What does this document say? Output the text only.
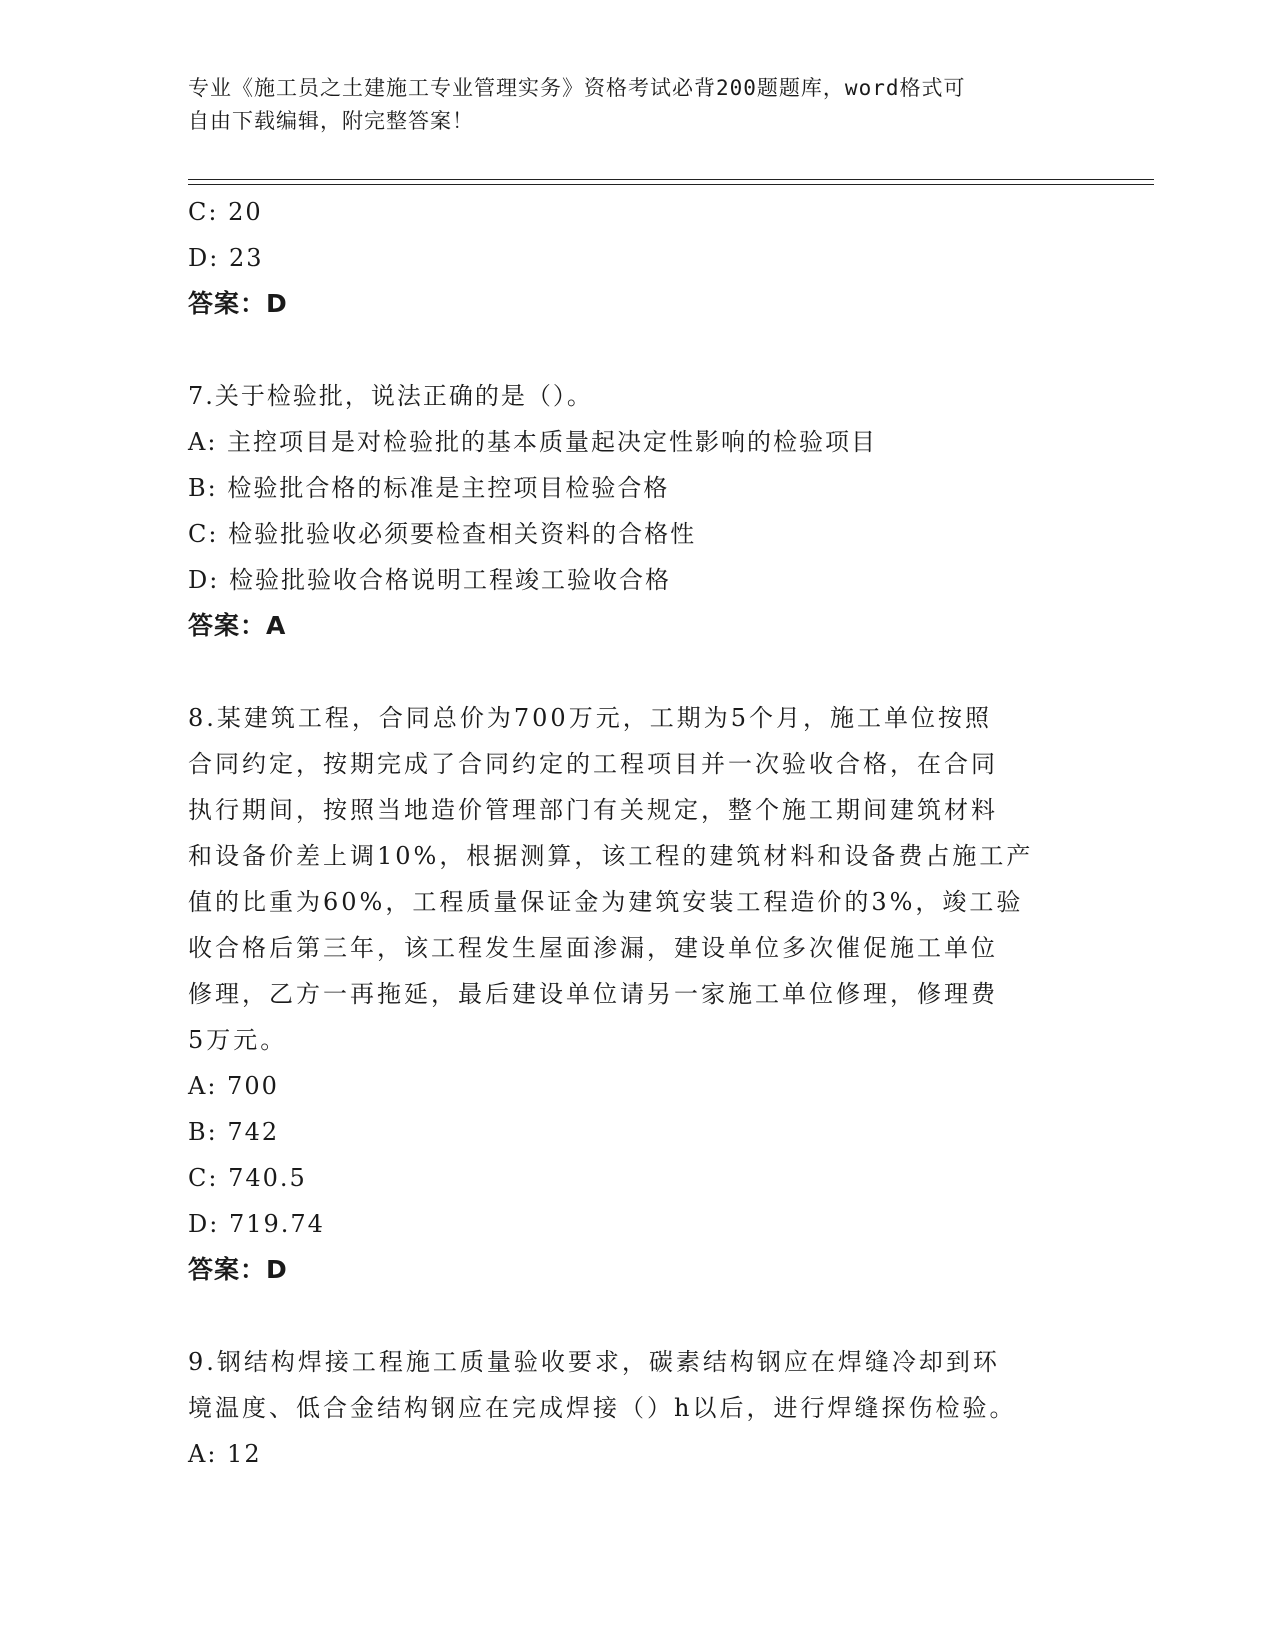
专业《施工员之土建施工专业管理实务》资格考试必背200题题库，word格式可
自由下载编辑，附完整答案！
C: 20
D: 23
答案：D
7.关于检验批，说法正确的是（）。
A: 主控项目是对检验批的基本质量起决定性影响的检验项目
B: 检验批合格的标准是主控项目检验合格
C: 检验批验收必须要检查相关资料的合格性
D: 检验批验收合格说明工程竣工验收合格
答案：A
8.某建筑工程，合同总价为700万元，工期为5个月，施工单位按照
合同约定，按期完成了合同约定的工程项目并一次验收合格，在合同
执行期间，按照当地造价管理部门有关规定，整个施工期间建筑材料
和设备价差上调10%，根据测算，该工程的建筑材料和设备费占施工产
值的比重为60%，工程质量保证金为建筑安装工程造价的3%，竣工验
收合格后第三年，该工程发生屋面渗漏，建设单位多次催促施工单位
修理，乙方一再拖延，最后建设单位请另一家施工单位修理，修理费
5万元。
A: 700
B: 742
C: 740.5
D: 719.74
答案：D
9.钢结构焊接工程施工质量验收要求，碳素结构钢应在焊缝冷却到环
境温度、低合金结构钢应在完成焊接（）h以后，进行焊缝探伤检验。
A: 12
